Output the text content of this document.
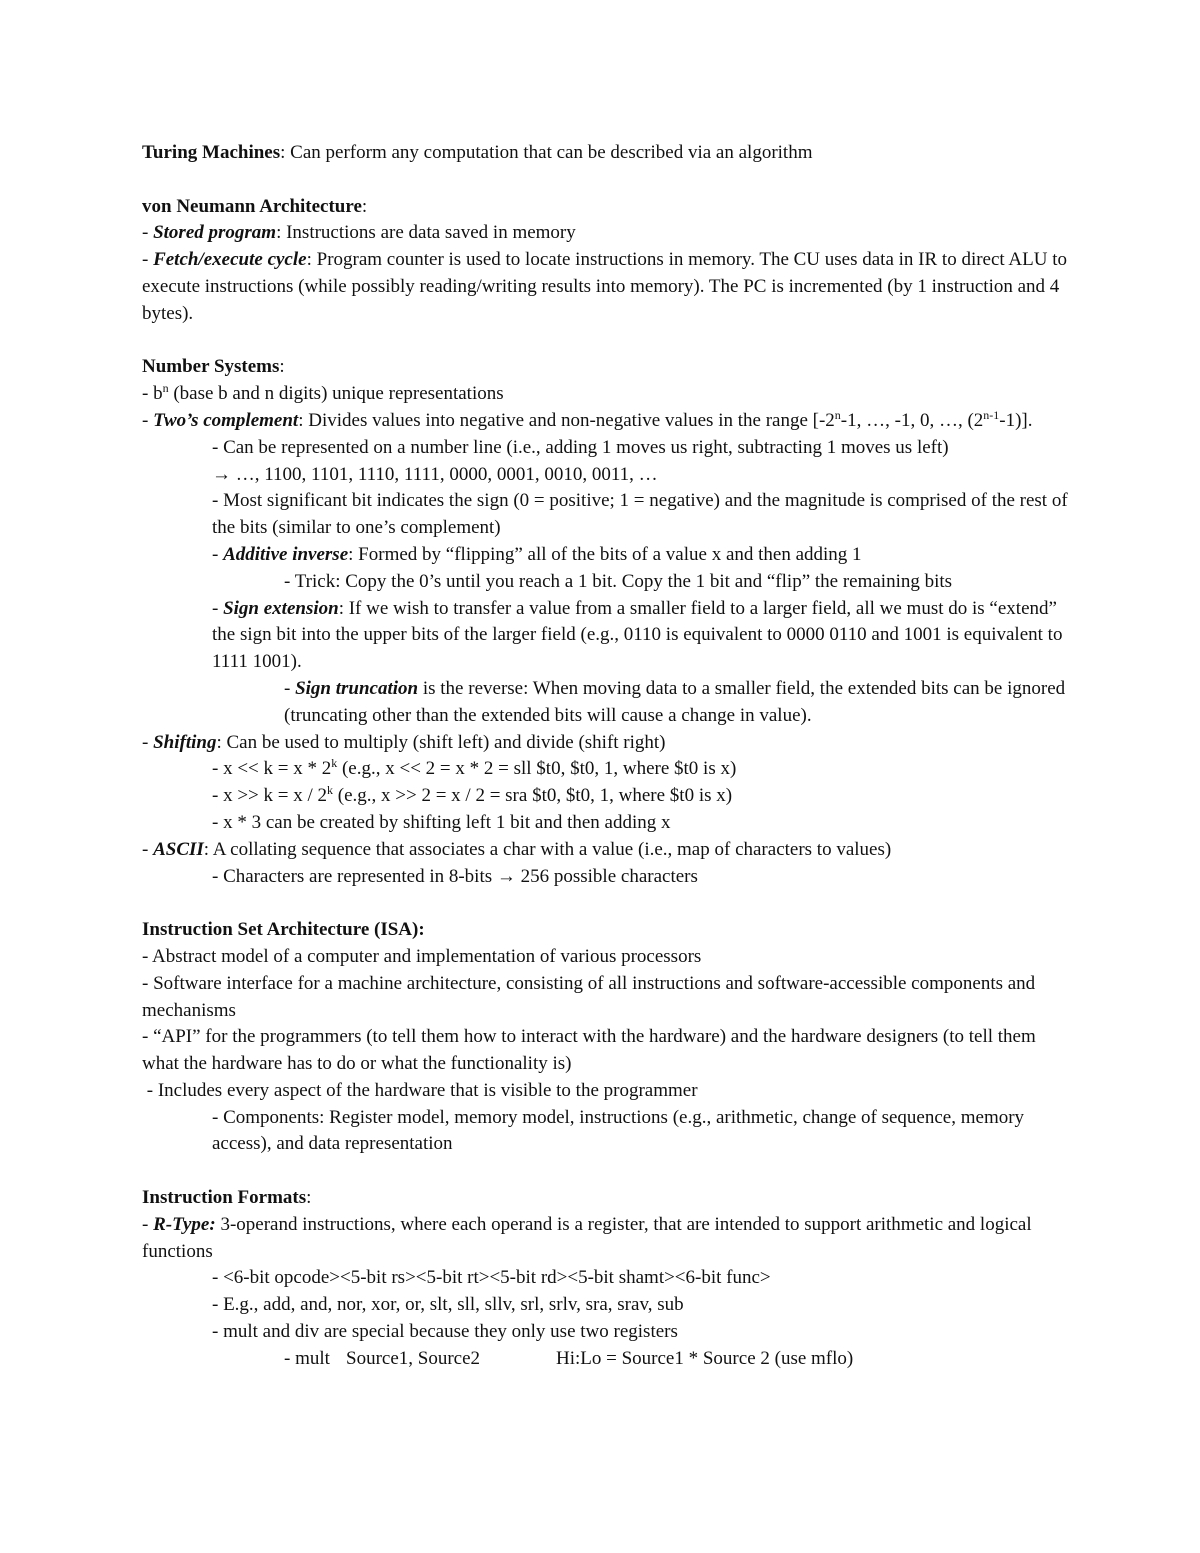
Turing Machines: Can perform any computation that can be described via an algorithm

von Neumann Architecture:

- Stored program: Instructions are data saved in memory

- Fetch/execute cycle: Program counter is used to locate instructions in memory. The CU uses data in IR to direct ALU to execute instructions (while possibly reading/writing results into memory). The PC is incremented (by 1 instruction and 4 bytes).

Number Systems:

- $b^n$ (base b and n digits) unique representations

- Two’s complement: Divides values into negative and non-negative values in the range [-2$^n$-1, …, -1, 0, …, (2$^{n-1}$-1)].

- Can be represented on a number line (i.e., adding 1 moves us right, subtracting 1 moves us left)

→ …, 1100, 1101, 1110, 1111, 0000, 0001, 0010, 0011, …

- Most significant bit indicates the sign (0 = positive; 1 = negative) and the magnitude is comprised of the rest of the bits (similar to one’s complement)

- Additive inverse: Formed by “flipping” all of the bits of a value x and then adding 1

- Trick: Copy the 0’s until you reach a 1 bit. Copy the 1 bit and “flip” the remaining bits

- Sign extension: If we wish to transfer a value from a smaller field to a larger field, all we must do is “extend” the sign bit into the upper bits of the larger field (e.g., 0110 is equivalent to 0000 0110 and 1001 is equivalent to 1111 1001).

- Sign truncation is the reverse: When moving data to a smaller field, the extended bits can be ignored (truncating other than the extended bits will cause a change in value).

- Shifting: Can be used to multiply (shift left) and divide (shift right)

- x << k = x * 2$^k$ (e.g., x << 2 = x * 2 = sll $t0, $t0, 1, where $t0 is x)

- x >> k = x / 2$^k$ (e.g., x >> 2 = x / 2 = sra $t0, $t0, 1, where $t0 is x)

- x * 3 can be created by shifting left 1 bit and then adding x

- ASCII: A collating sequence that associates a char with a value (i.e., map of characters to values)

- Characters are represented in 8-bits → 256 possible characters

Instruction Set Architecture (ISA):

- Abstract model of a computer and implementation of various processors

- Software interface for a machine architecture, consisting of all instructions and software-accessible components and mechanisms

- “API” for the programmers (to tell them how to interact with the hardware) and the hardware designers (to tell them what the hardware has to do or what the functionality is)

- Includes every aspect of the hardware that is visible to the programmer

- Components: Register model, memory model, instructions (e.g., arithmetic, change of sequence, memory access), and data representation

Instruction Formats:

- R-Type: 3-operand instructions, where each operand is a register, that are intended to support arithmetic and logical functions

- <6-bit opcode><5-bit rs><5-bit rt><5-bit rd><5-bit shamt><6-bit func>

- E.g., add, and, nor, xor, or, slt, sll, sllv, srl, srlv, sra, srav, sub

- mult and div are special because they only use two registers

- mult Source1, Source2	Hi:Lo = Source1 * Source 2 (use mflo)
